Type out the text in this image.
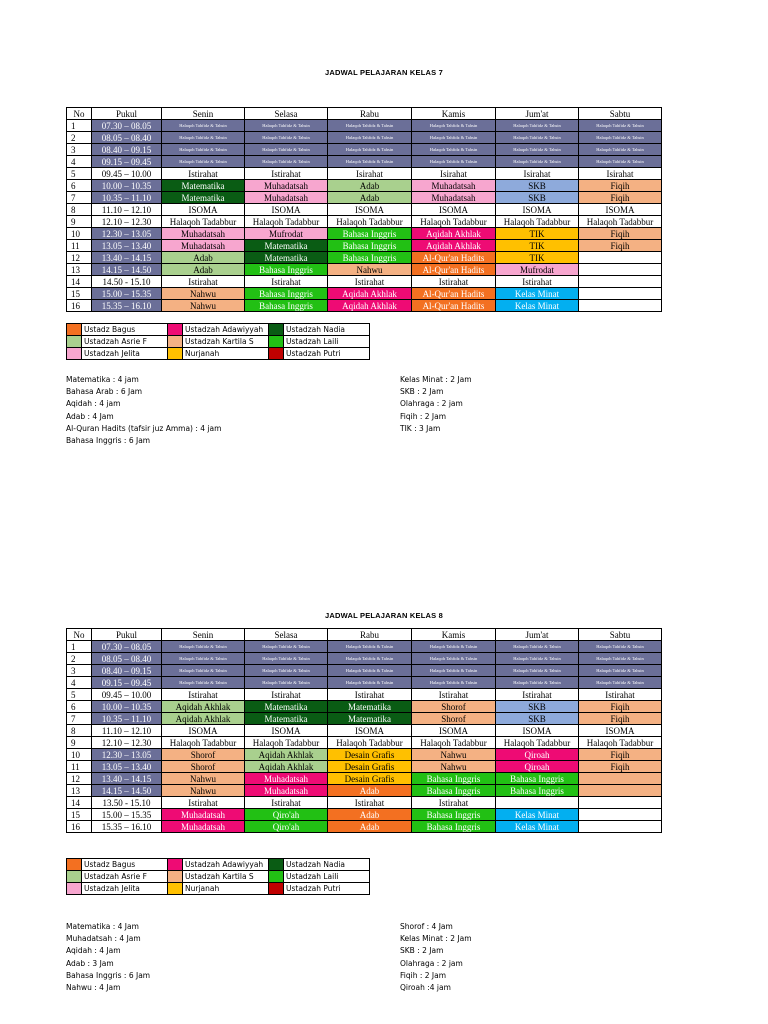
JADWAL PELAJARAN KELAS 7
No	Pukul	Senin	Selasa	Rabu	Kamis	Jum'at	Sabtu
1	07.30 – 08.05	Halaqoh Tahfidz & Tahsin	Halaqoh Tahfidz & Tahsin	Halaqoh Tahfidz & Tahsin	Halaqoh Tahfidz & Tahsin	Halaqoh Tahfidz & Tahsin	Halaqoh Tahfidz & Tahsin
2	08.05 – 08.40	Halaqoh Tahfidz & Tahsin	Halaqoh Tahfidz & Tahsin	Halaqoh Tahfidz & Tahsin	Halaqoh Tahfidz & Tahsin	Halaqoh Tahfidz & Tahsin	Halaqoh Tahfidz & Tahsin
3	08.40 – 09.15	Halaqoh Tahfidz & Tahsin	Halaqoh Tahfidz & Tahsin	Halaqoh Tahfidz & Tahsin	Halaqoh Tahfidz & Tahsin	Halaqoh Tahfidz & Tahsin	Halaqoh Tahfidz & Tahsin
4	09.15 – 09.45	Halaqoh Tahfidz & Tahsin	Halaqoh Tahfidz & Tahsin	Halaqoh Tahfidz & Tahsin	Halaqoh Tahfidz & Tahsin	Halaqoh Tahfidz & Tahsin	Halaqoh Tahfidz & Tahsin
5	09.45 – 10.00	Istirahat	Istirahat	Isirahat	Isirahat	Isirahat	Isirahat
6	10.00 – 10.35	Matematika	Muhadatsah	Adab	Muhadatsah	SKB	Fiqih
7	10.35 – 11.10	Matematika	Muhadatsah	Adab	Muhadatsah	SKB	Fiqih
8	11.10 – 12.10	ISOMA	ISOMA	ISOMA	ISOMA	ISOMA	ISOMA
9	12.10 – 12.30	Halaqoh Tadabbur	Halaqoh Tadabbur	Halaqoh Tadabbur	Halaqoh Tadabbur	Halaqoh Tadabbur	Halaqoh Tadabbur
10	12.30 – 13.05	Muhadatsah	Mufrodat	Bahasa Inggris	Aqidah Akhlak	TIK	Fiqih
11	13.05 – 13.40	Muhadatsah	Matematika	Bahasa Inggris	Aqidah Akhlak	TIK	Fiqih
12	13.40 – 14.15	Adab	Matematika	Bahasa Inggris	Al-Qur'an Hadits	TIK	
13	14.15 – 14.50	Adab	Bahasa Inggris	Nahwu	Al-Qur'an Hadits	Mufrodat	
14	14.50 - 15.10	Istirahat	Istirahat	Istirahat	Istirahat	Istirahat	
15	15.00 – 15.35	Nahwu	Bahasa Inggris	Aqidah Akhlak	Al-Qur'an Hadits	Kelas Minat	
16	15.35 – 16.10	Nahwu	Bahasa Inggris	Aqidah Akhlak	Al-Qur'an Hadits	Kelas Minat	
	Ustadz Bagus		Ustadzah Adawiyyah		Ustadzah Nadia
	Ustadzah Asrie F		Ustadzah Kartila S		Ustadzah Laili
	Ustadzah Jelita		Nurjanah		Ustadzah Putri
Matematika : 4 jam
Bahasa Arab : 6 Jam
Aqidah : 4 jam
Adab : 4 Jam
Al-Quran Hadits (tafsir juz Amma) : 4 jam
Bahasa Inggris : 6 Jam
Kelas Minat : 2 Jam
SKB : 2 Jam
Olahraga : 2 jam
Fiqih : 2 Jam
TIK : 3 Jam
JADWAL PELAJARAN KELAS 8
No	Pukul	Senin	Selasa	Rabu	Kamis	Jum'at	Sabtu
1	07.30 – 08.05	Halaqoh Tahfidz & Tahsin	Halaqoh Tahfidz & Tahsin	Halaqoh Tahfidz & Tahsin	Halaqoh Tahfidz & Tahsin	Halaqoh Tahfidz & Tahsin	Halaqoh Tahfidz & Tahsin
2	08.05 – 08.40	Halaqoh Tahfidz & Tahsin	Halaqoh Tahfidz & Tahsin	Halaqoh Tahfidz & Tahsin	Halaqoh Tahfidz & Tahsin	Halaqoh Tahfidz & Tahsin	Halaqoh Tahfidz & Tahsin
3	08.40 – 09.15	Halaqoh Tahfidz & Tahsin	Halaqoh Tahfidz & Tahsin	Halaqoh Tahfidz & Tahsin	Halaqoh Tahfidz & Tahsin	Halaqoh Tahfidz & Tahsin	Halaqoh Tahfidz & Tahsin
4	09.15 – 09.45	Halaqoh Tahfidz & Tahsin	Halaqoh Tahfidz & Tahsin	Halaqoh Tahfidz & Tahsin	Halaqoh Tahfidz & Tahsin	Halaqoh Tahfidz & Tahsin	Halaqoh Tahfidz & Tahsin
5	09.45 – 10.00	Istirahat	Istirahat	Istirahat	Istirahat	Istirahat	Istirahat
6	10.00 – 10.35	Aqidah Akhlak	Matematika	Matematika	Shorof	SKB	Fiqih
7	10.35 – 11.10	Aqidah Akhlak	Matematika	Matematika	Shorof	SKB	Fiqih
8	11.10 – 12.10	ISOMA	ISOMA	ISOMA	ISOMA	ISOMA	ISOMA
9	12.10 – 12.30	Halaqoh Tadabbur	Halaqoh Tadabbur	Halaqoh Tadabbur	Halaqoh Tadabbur	Halaqoh Tadabbur	Halaqoh Tadabbur
10	12.30 – 13.05	Shorof	Aqidah Akhlak	Desain Grafis	Nahwu	Qiroah	Fiqih
11	13.05 – 13.40	Shorof	Aqidah Akhlak	Desain Grafis	Nahwu	Qiroah	Fiqih
12	13.40 – 14.15	Nahwu	Muhadatsah	Desain Grafis	Bahasa Inggris	Bahasa Inggris	
13	14.15 – 14.50	Nahwu	Muhadatsah	Adab	Bahasa Inggris	Bahasa Inggris	
14	13.50 - 15.10	Istirahat	Istirahat	Istirahat	Istirahat		
15	15.00 – 15.35	Muhadatsah	Qiro'ah	Adab	Bahasa Inggris	Kelas Minat	
16	15.35 – 16.10	Muhadatsah	Qiro'ah	Adab	Bahasa Inggris	Kelas Minat	
	Ustadz Bagus		Ustadzah Adawiyyah		Ustadzah Nadia
	Ustadzah Asrie F		Ustadzah Kartila S		Ustadzah Laili
	Ustadzah Jelita		Nurjanah		Ustadzah Putri
Matematika : 4 Jam
Muhadatsah : 4 Jam
Aqidah : 4 Jam
Adab : 3 Jam
Bahasa Inggris : 6 Jam
Nahwu : 4 Jam
Shorof : 4 Jam
Kelas Minat : 2 Jam
SKB : 2 Jam
Olahraga : 2 jam
Fiqih : 2 Jam
Qiroah :4 jam
